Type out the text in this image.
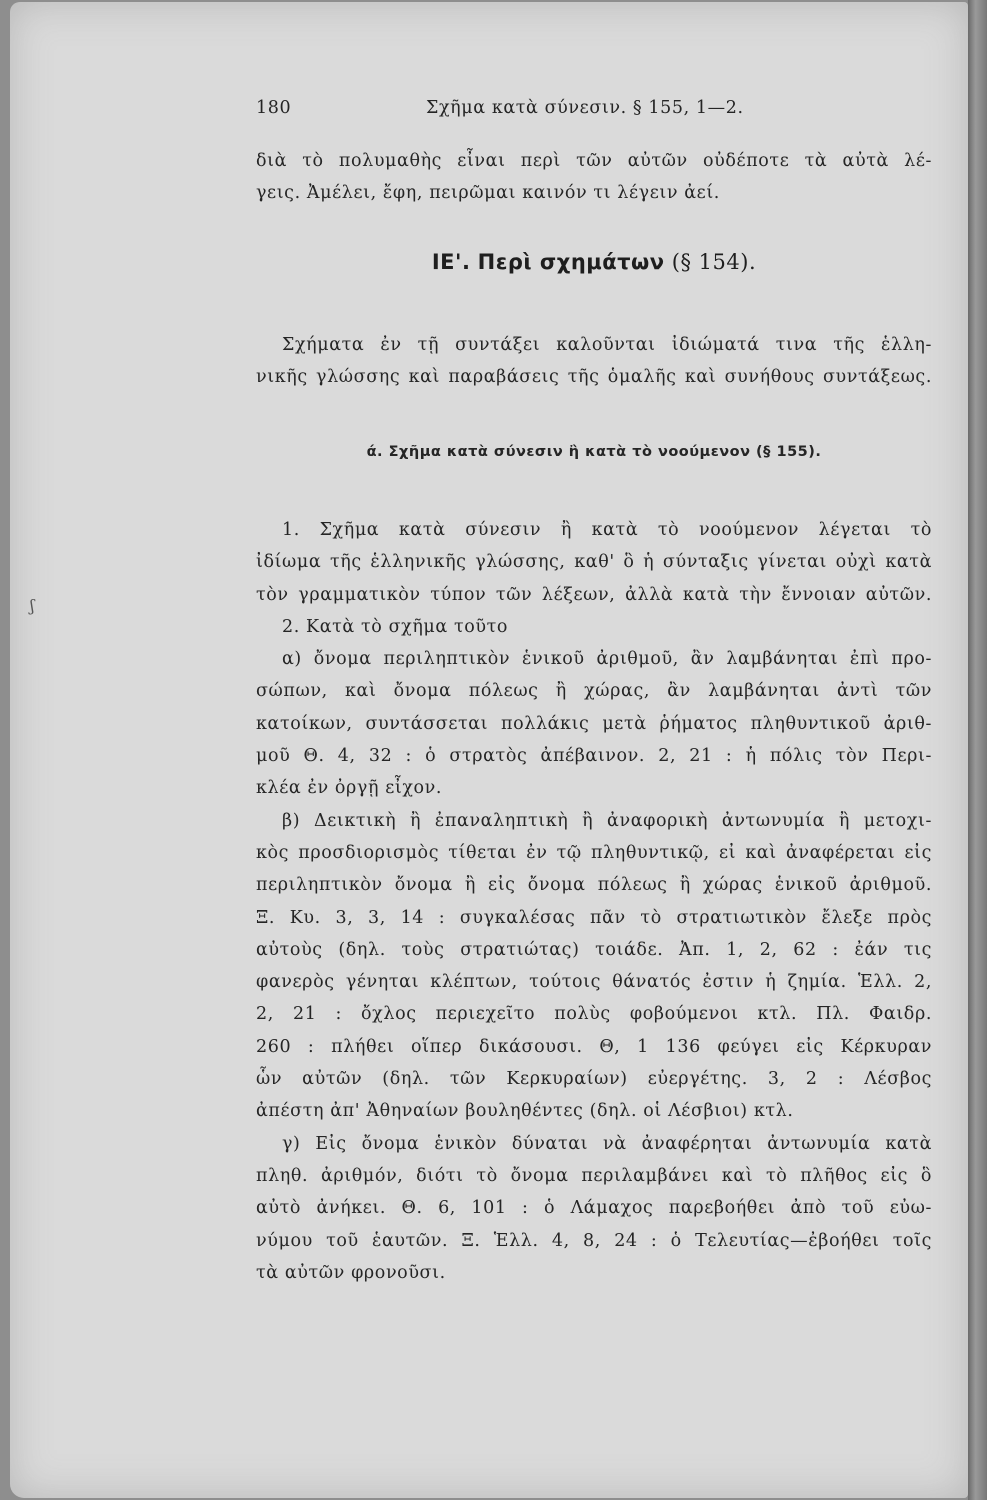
180	Σχῆμα κατὰ σύνεσιν. § 155, 1—2.
διὰ τὸ πολυμαθὴς εἶναι περὶ τῶν αὐτῶν οὐδέποτε τὰ αὐτὰ λέ-
γεις. Ἀμέλει, ἔφη, πειρῶμαι καινόν τι λέγειν ἀεί.
ΙΕ'. Περὶ σχημάτων (§ 154).
Σχήματα ἐν τῇ συντάξει καλοῦνται ἰδιώματά τινα τῆς ἑλλη-
νικῆς γλώσσης καὶ παραβάσεις τῆς ὁμαλῆς καὶ συνήθους συντάξεως.
ά. Σχῆμα κατὰ σύνεσιν ἢ κατὰ τὸ νοούμενον (§ 155).
ʃ
1. Σχῆμα κατὰ σύνεσιν ἢ κατὰ τὸ νοούμενον λέγεται τὸ
ἰδίωμα τῆς ἑλληνικῆς γλώσσης, καθ' ὃ ἡ σύνταξις γίνεται οὐχὶ κατὰ
τὸν γραμματικὸν τύπον τῶν λέξεων, ἀλλὰ κατὰ τὴν ἔννοιαν αὐτῶν.
2. Κατὰ τὸ σχῆμα τοῦτο
α) ὄνομα περιληπτικὸν ἑνικοῦ ἀριθμοῦ, ἂν λαμβάνηται ἐπὶ προ-
σώπων, καὶ ὄνομα πόλεως ἢ χώρας, ἂν λαμβάνηται ἀντὶ τῶν
κατοίκων, συντάσσεται πολλάκις μετὰ ῥήματος πληθυντικοῦ ἀριθ-
μοῦ Θ. 4, 32 : ὁ στρατὸς ἀπέβαινον. 2, 21 : ἡ πόλις τὸν Περι-
κλέα ἐν ὀργῇ εἶχον.
β) Δεικτικὴ ἢ ἐπαναληπτικὴ ἢ ἀναφορικὴ ἀντωνυμία ἢ μετοχι-
κὸς προσδιορισμὸς τίθεται ἐν τῷ πληθυντικῷ, εἰ καὶ ἀναφέρεται εἰς
περιληπτικὸν ὄνομα ἢ εἰς ὄνομα πόλεως ἢ χώρας ἑνικοῦ ἀριθμοῦ.
Ξ. Κυ. 3, 3, 14 : συγκαλέσας πᾶν τὸ στρατιωτικὸν ἔλεξε πρὸς
αὐτοὺς (δηλ. τοὺς στρατιώτας) τοιάδε. Ἀπ. 1, 2, 62 : ἐάν τις
φανερὸς γένηται κλέπτων, τούτοις θάνατός ἐστιν ἡ ζημία. Ἑλλ. 2,
2, 21 : ὄχλος περιεχεῖτο πολὺς φοβούμενοι κτλ. Πλ. Φαιδρ.
260 : πλήθει οἵπερ δικάσουσι. Θ, 1 136 φεύγει εἰς Κέρκυραν
ὧν αὐτῶν (δηλ. τῶν Κερκυραίων) εὐεργέτης. 3, 2 : Λέσβος
ἀπέστη ἀπ' Ἀθηναίων βουληθέντες (δηλ. οἱ Λέσβιοι) κτλ.
γ) Εἰς ὄνομα ἑνικὸν δύναται νὰ ἀναφέρηται ἀντωνυμία κατὰ
πληθ. ἀριθμόν, διότι τὸ ὄνομα περιλαμβάνει καὶ τὸ πλῆθος εἰς ὃ
αὐτὸ ἀνήκει. Θ. 6, 101 : ὁ Λάμαχος παρεβοήθει ἀπὸ τοῦ εὐω-
νύμου τοῦ ἑαυτῶν. Ξ. Ἑλλ. 4, 8, 24 : ὁ Τελευτίας—ἐβοήθει τοῖς
τὰ αὐτῶν φρονοῦσι.
